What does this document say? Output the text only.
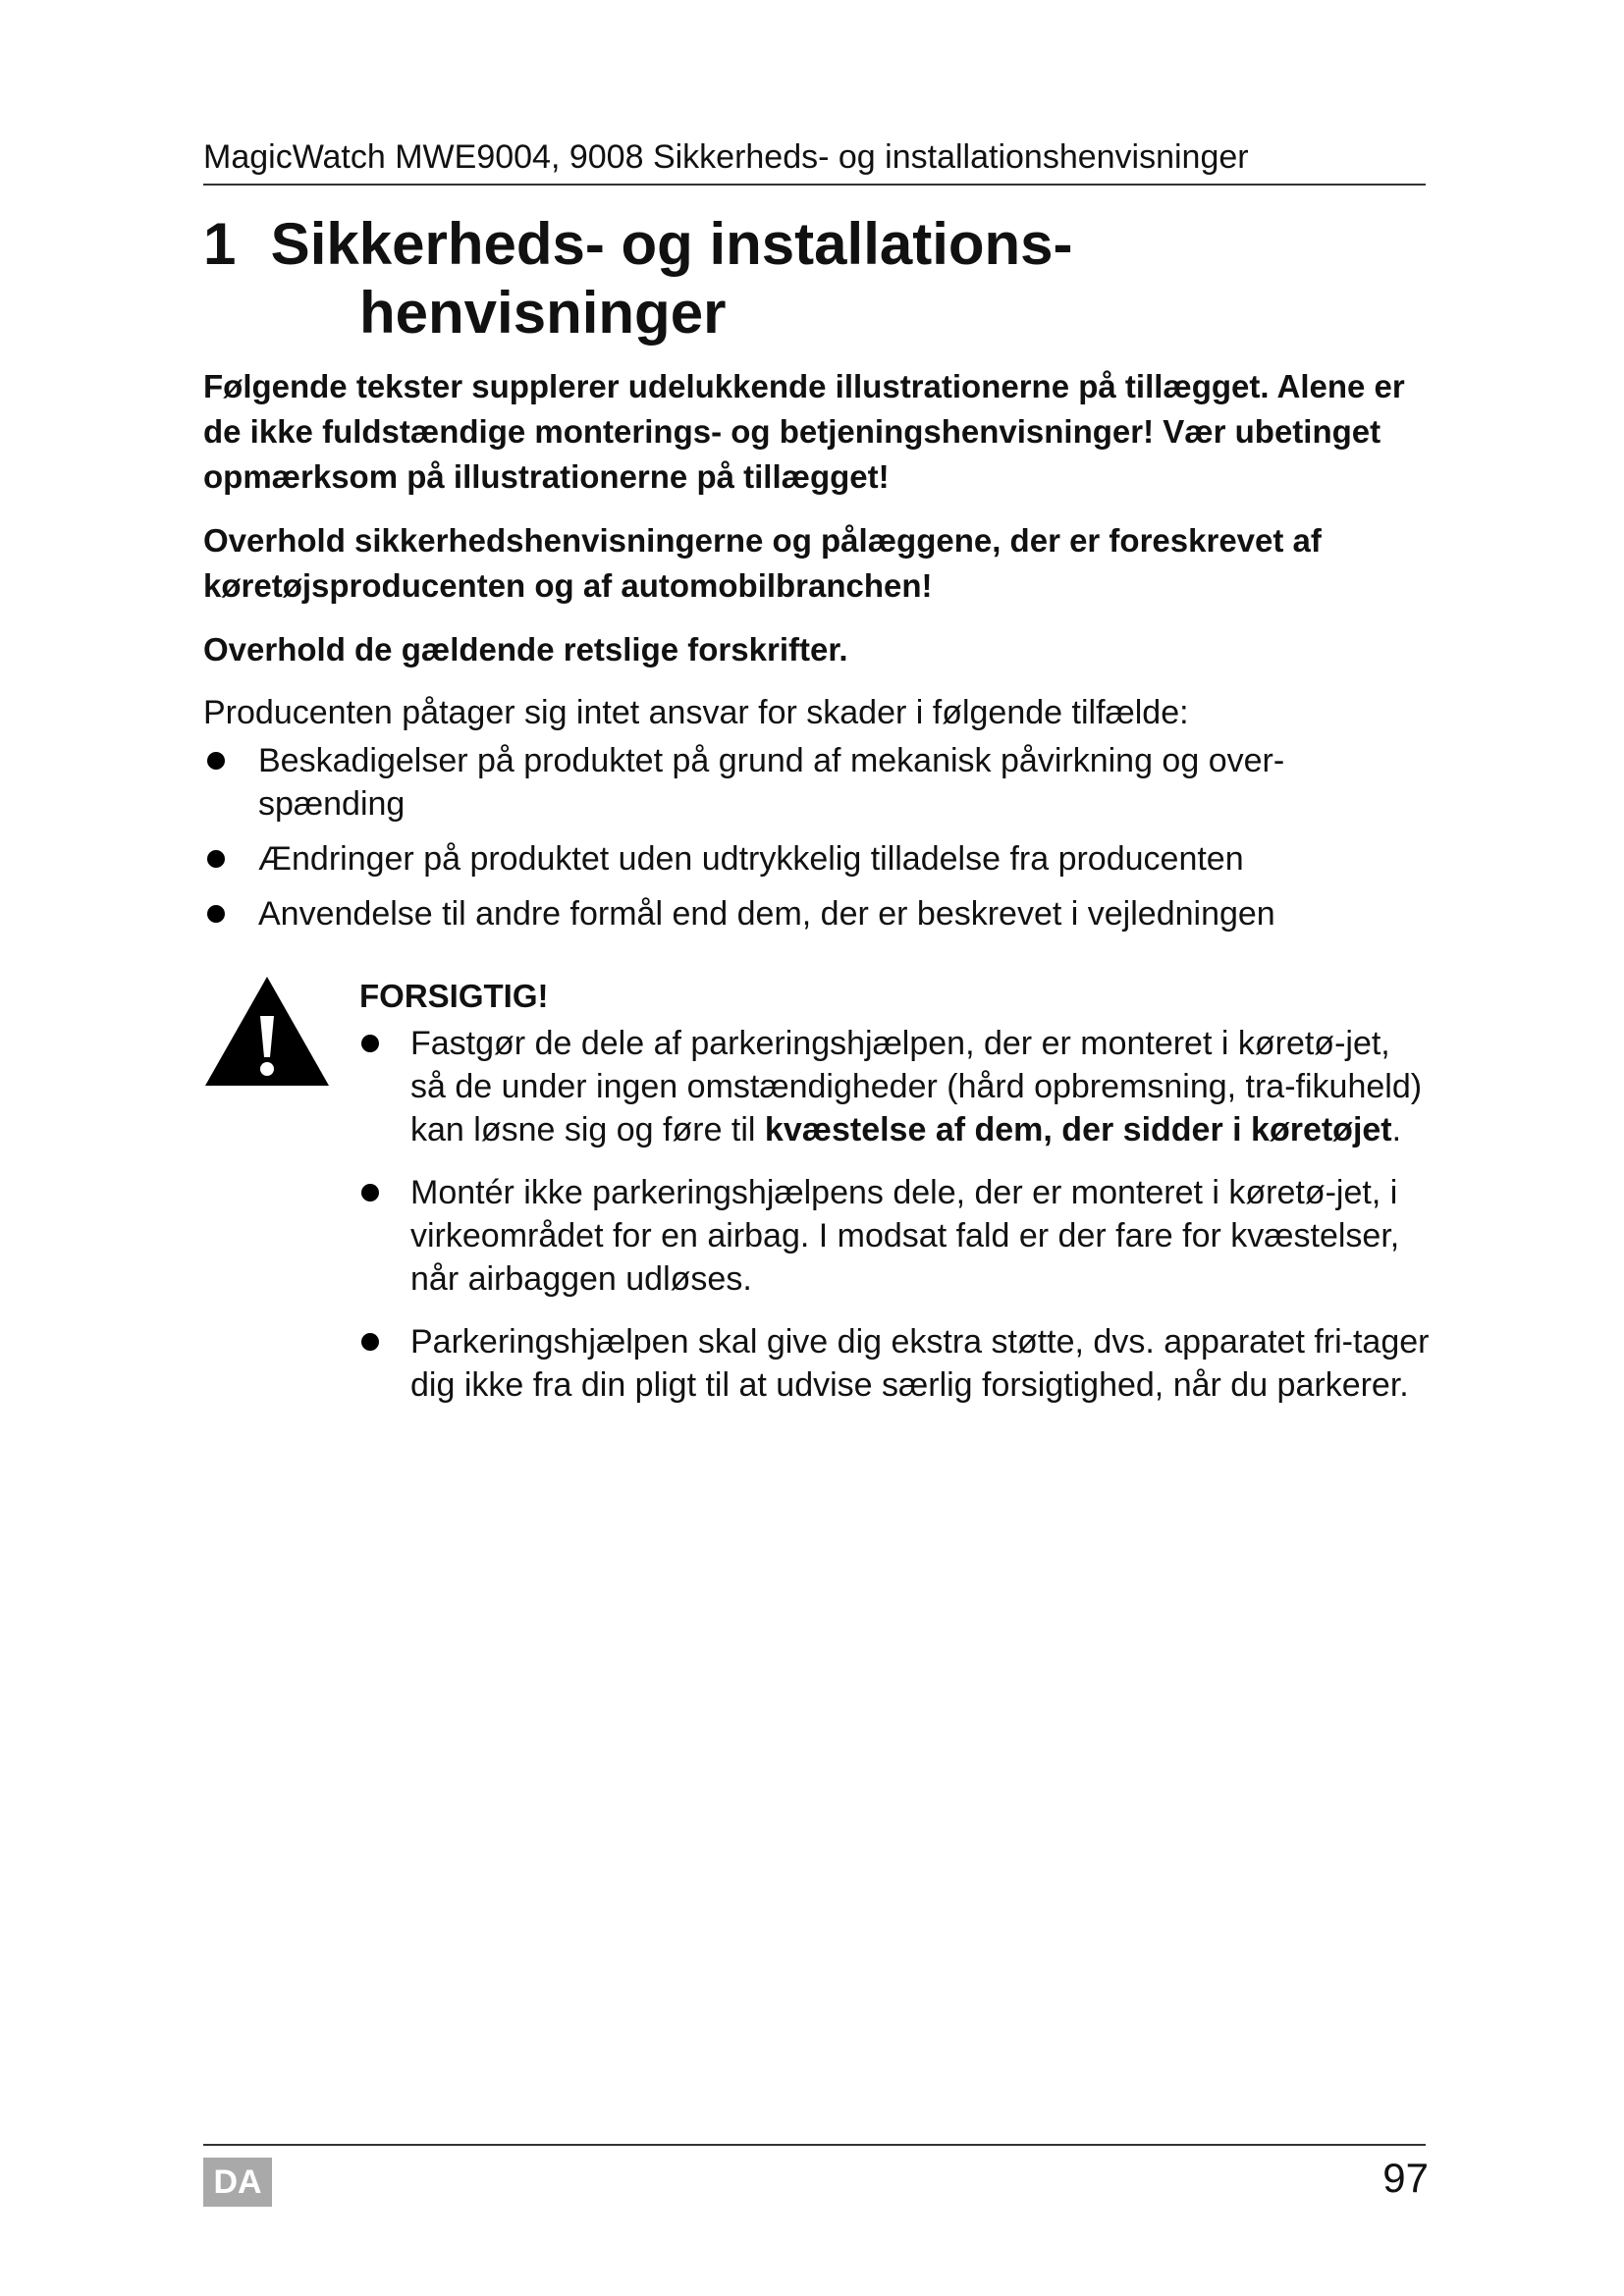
MagicWatch MWE9004, 9008 Sikkerheds- og installationshenvisninger
1 Sikkerheds- og installations-
henvisninger

Følgende tekster supplerer udelukkende illustrationerne på tillægget. Alene er de ikke fuldstændige monterings- og betjeningshenvisninger! Vær ubetinget opmærksom på illustrationerne på tillægget!

Overhold sikkerhedshenvisningerne og pålæggene, der er foreskrevet af køretøjsproducenten og af automobilbranchen!

Overhold de gældende retslige forskrifter.

Producenten påtager sig intet ansvar for skader i følgende tilfælde:

Beskadigelser på produktet på grund af mekanisk påvirkning og over-spænding
Ændringer på produktet uden udtrykkelig tilladelse fra producenten
Anvendelse til andre formål end dem, der er beskrevet i vejledningen

FORSIGTIG!

Fastgør de dele af parkeringshjælpen, der er monteret i køretø-jet, så de under ingen omstændigheder (hård opbremsning, tra-fikuheld) kan løsne sig og føre til kvæstelse af dem, der sidder i køretøjet.
Montér ikke parkeringshjælpens dele, der er monteret i køretø-jet, i virkeområdet for en airbag. I modsat fald er der fare for kvæstelser, når airbaggen udløses.
Parkeringshjælpen skal give dig ekstra støtte, dvs. apparatet fri-tager dig ikke fra din pligt til at udvise særlig forsigtighed, når du parkerer.
DA	97
